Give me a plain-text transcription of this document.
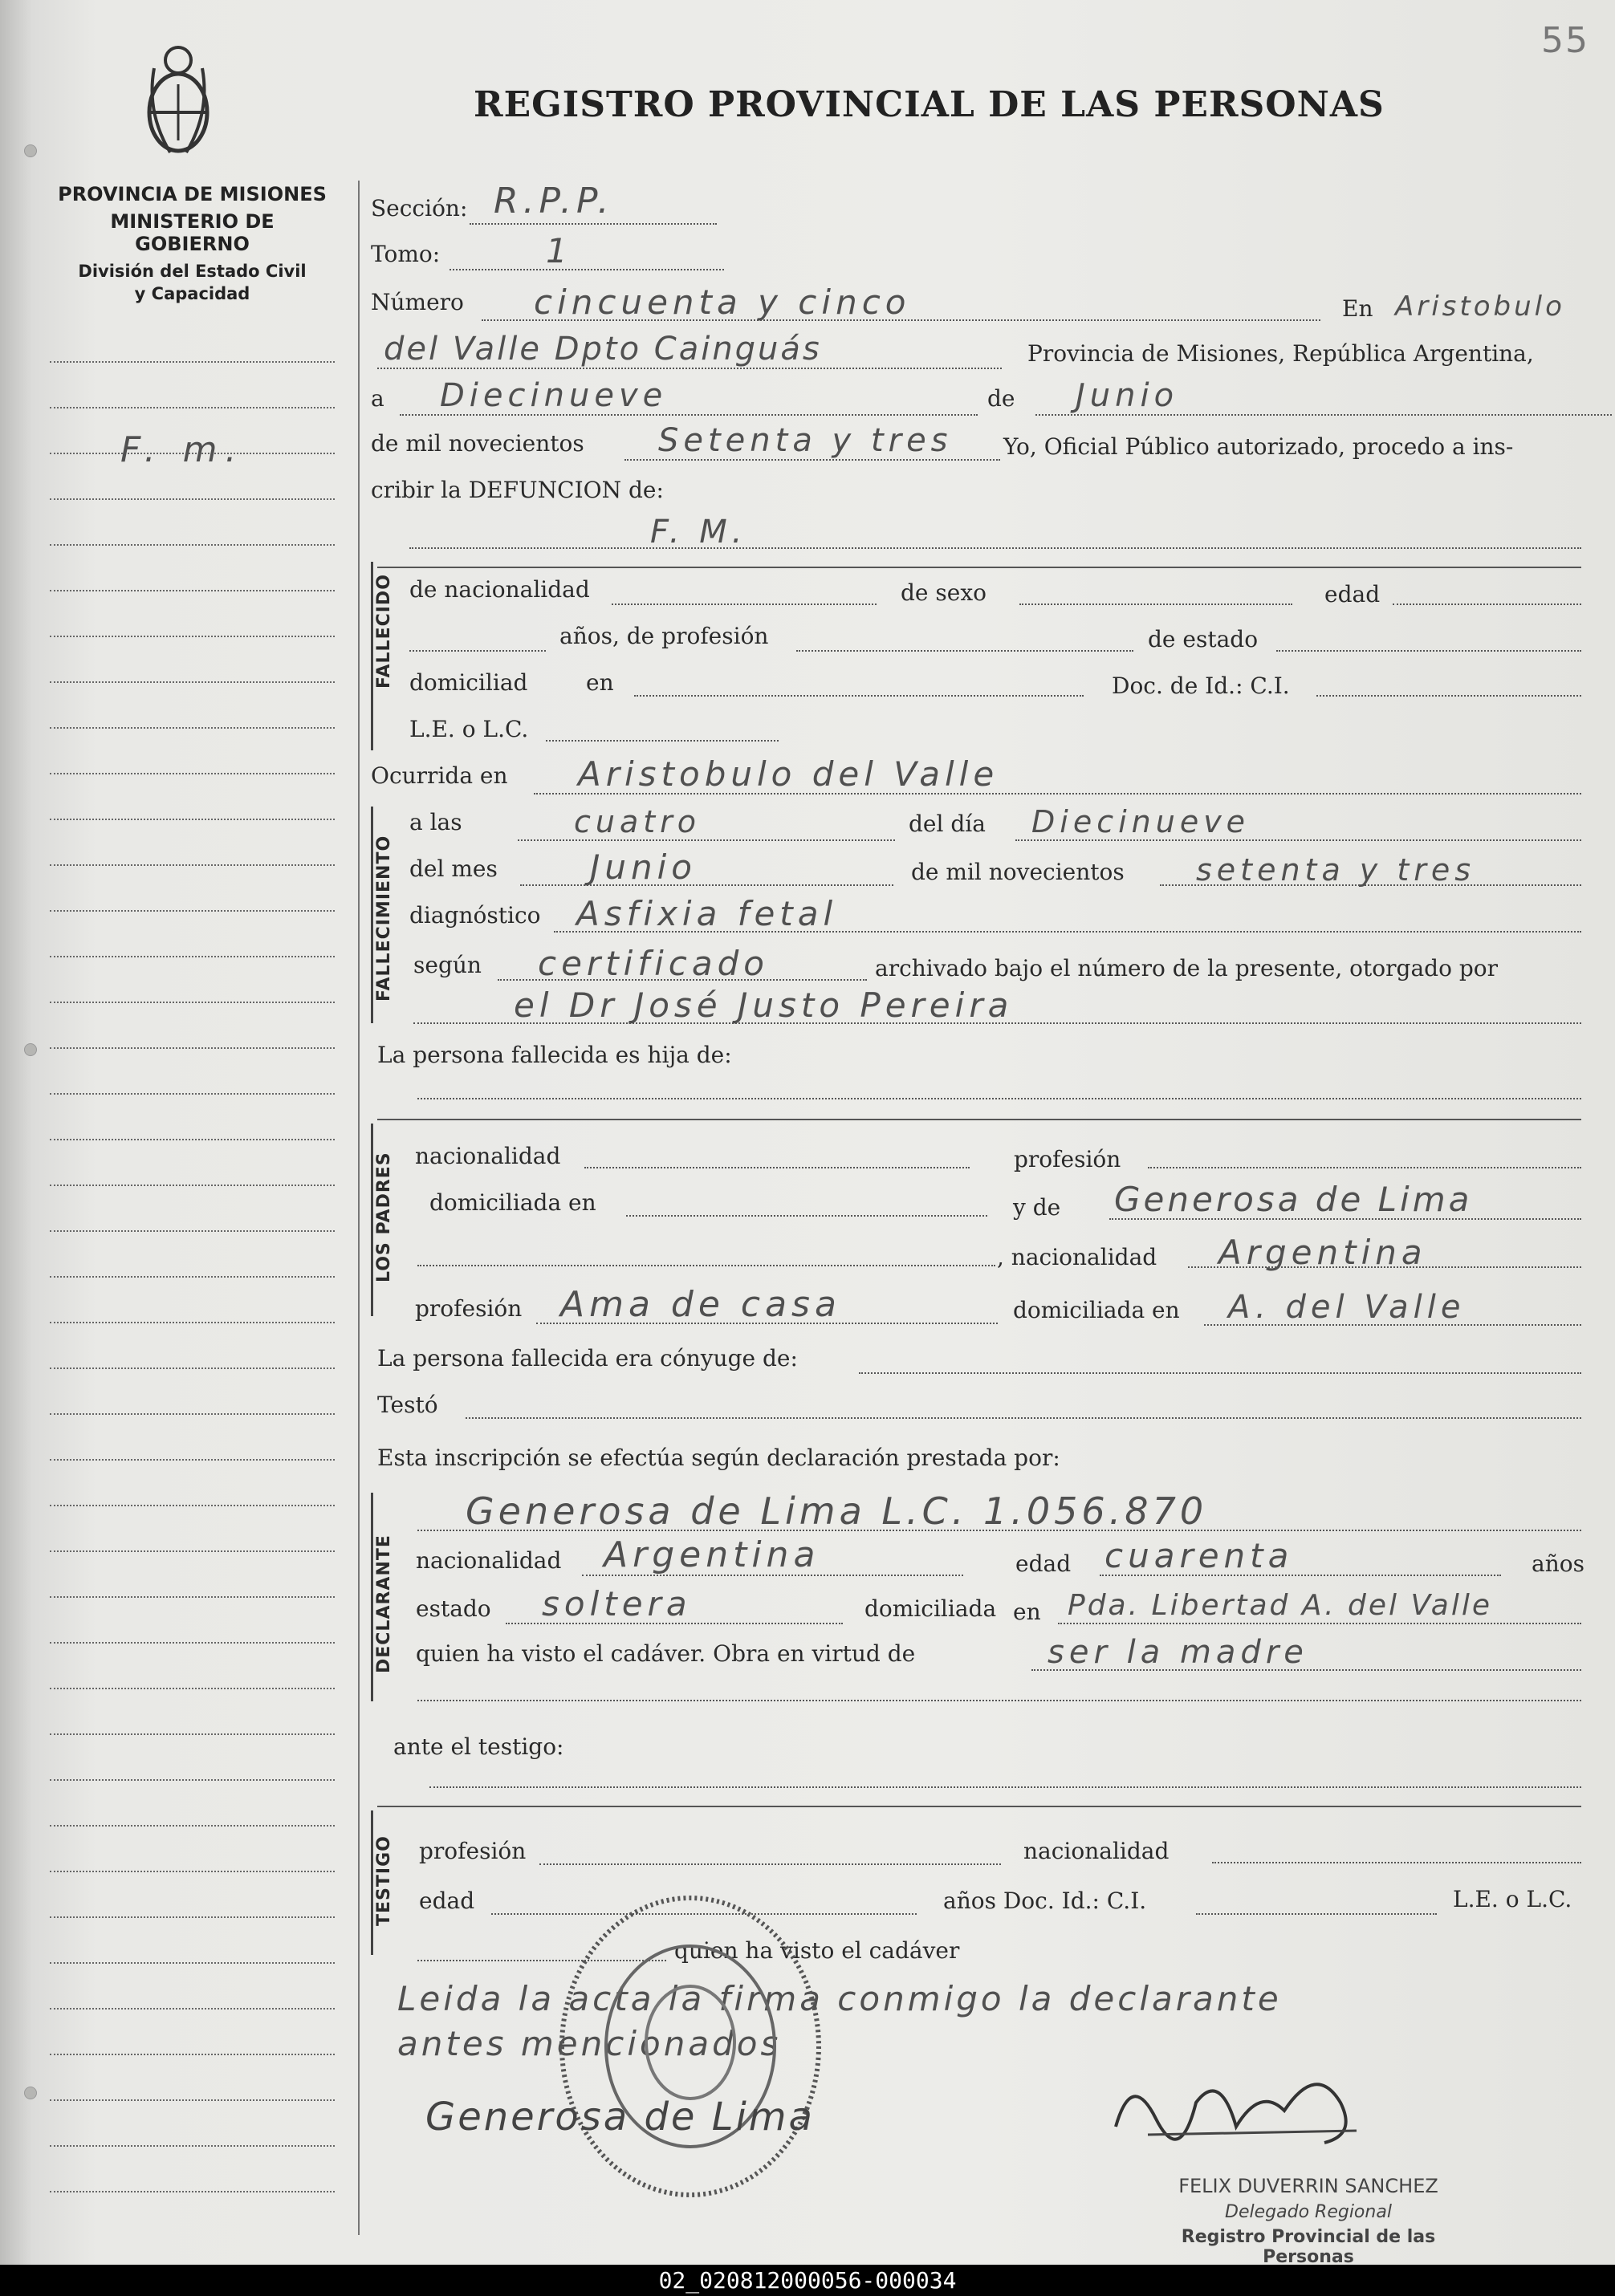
55
REGISTRO PROVINCIAL DE LAS PERSONAS
PROVINCIA DE MISIONES
MINISTERIO DE GOBIERNO
División del Estado Civil
y Capacidad
F. m.
Sección: R.P.P.
Tomo:	1
Número cincuenta y cinco	En Aristobulo
del Valle Dpto Cainguás	Provincia de Misiones, República Argentina,
a Diecinueve	de Junio
de mil novecientos Setenta y tres Yo, Oficial Público autorizado, procedo a ins-
cribir la DEFUNCION de:
FALLECIDO
F. M.
de nacionalidad	de sexo	edad
años, de profesión	de estado
domiciliad	en	Doc. de Id.: C.I.
L.E. o L.C.
Ocurrida en Aristobulo del Valle
FALLECIMIENTO
a las	cuatro	del día Diecinueve
del mes	Junio	de mil novecientos setenta y tres
diagnóstico Asfixia fetal
según certificado	archivado bajo el número de la presente, otorgado por
el Dr José Justo Pereira
La persona fallecida es hija de:
LOS PADRES nacionalidad	profesión
domiciliada en	y de Generosa de Lima
, nacionalidad Argentina
profesión Ama de casa	domiciliada en A. del Valle
La persona fallecida era cónyuge de:
Testó
Esta inscripción se efectúa según declaración prestada por:
DECLARANTE
Generosa de Lima L.C. 1.056.870
nacionalidad Argentina	edad cuarenta	años
estado soltera	domiciliada en Pda. Libertad A. del Valle
quien ha visto el cadáver. Obra en virtud de	ser la madre
ante el testigo:
TESTIGO profesión	nacionalidad
edad	años Doc. Id.: C.I.	L.E. o L.C.
quien ha visto el cadáver
Leida la acta la firma conmigo la declarante
antes mencionados
Generosa de Lima
FELIX DUVERRIN SANCHEZ
Delegado Regional
Registro Provincial de las Personas
02_020812000056-000034
